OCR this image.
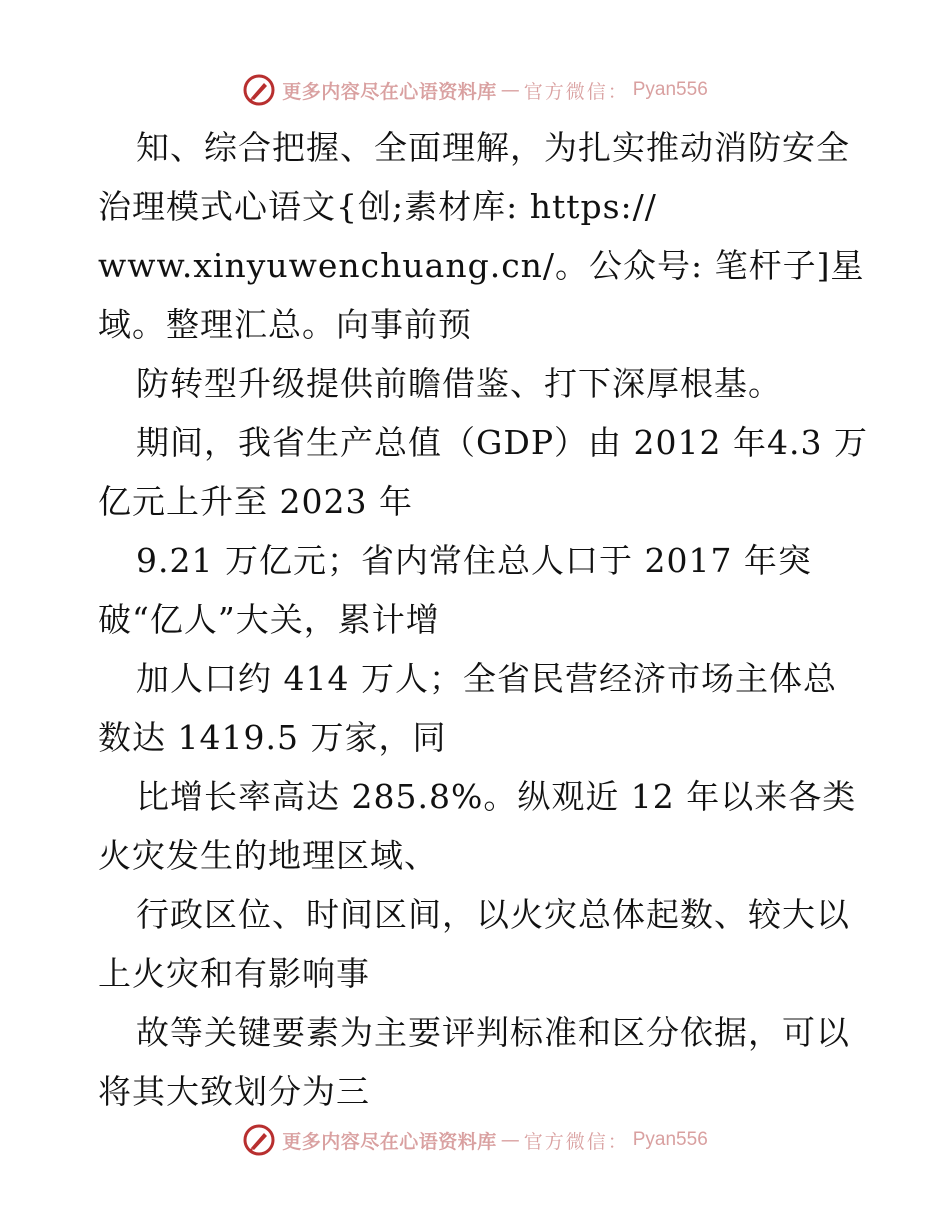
更多内容尽在心语资料库 — 官方微信： Pyan556
知、综合把握、全面理解，为扎实推动消防安全
治理模式心语文{创;素材库: https://
www.xinyuwenchuang.cn/。公众号: 笔杆子]星
域。整理汇总。向事前预
防转型升级提供前瞻借鉴、打下深厚根基。
期间，我省生产总值（GDP）由 2012 年4.3 万
亿元上升至 2023 年
9.21 万亿元；省内常住总人口于 2017 年突
破“亿人”大关，累计增
加人口约 414 万人；全省民营经济市场主体总
数达 1419.5 万家，同
比增长率高达 285.8%。纵观近 12 年以来各类
火灾发生的地理区域、
行政区位、时间区间，以火灾总体起数、较大以
上火灾和有影响事
故等关键要素为主要评判标准和区分依据，可以
将其大致划分为三
更多内容尽在心语资料库 — 官方微信： Pyan556
